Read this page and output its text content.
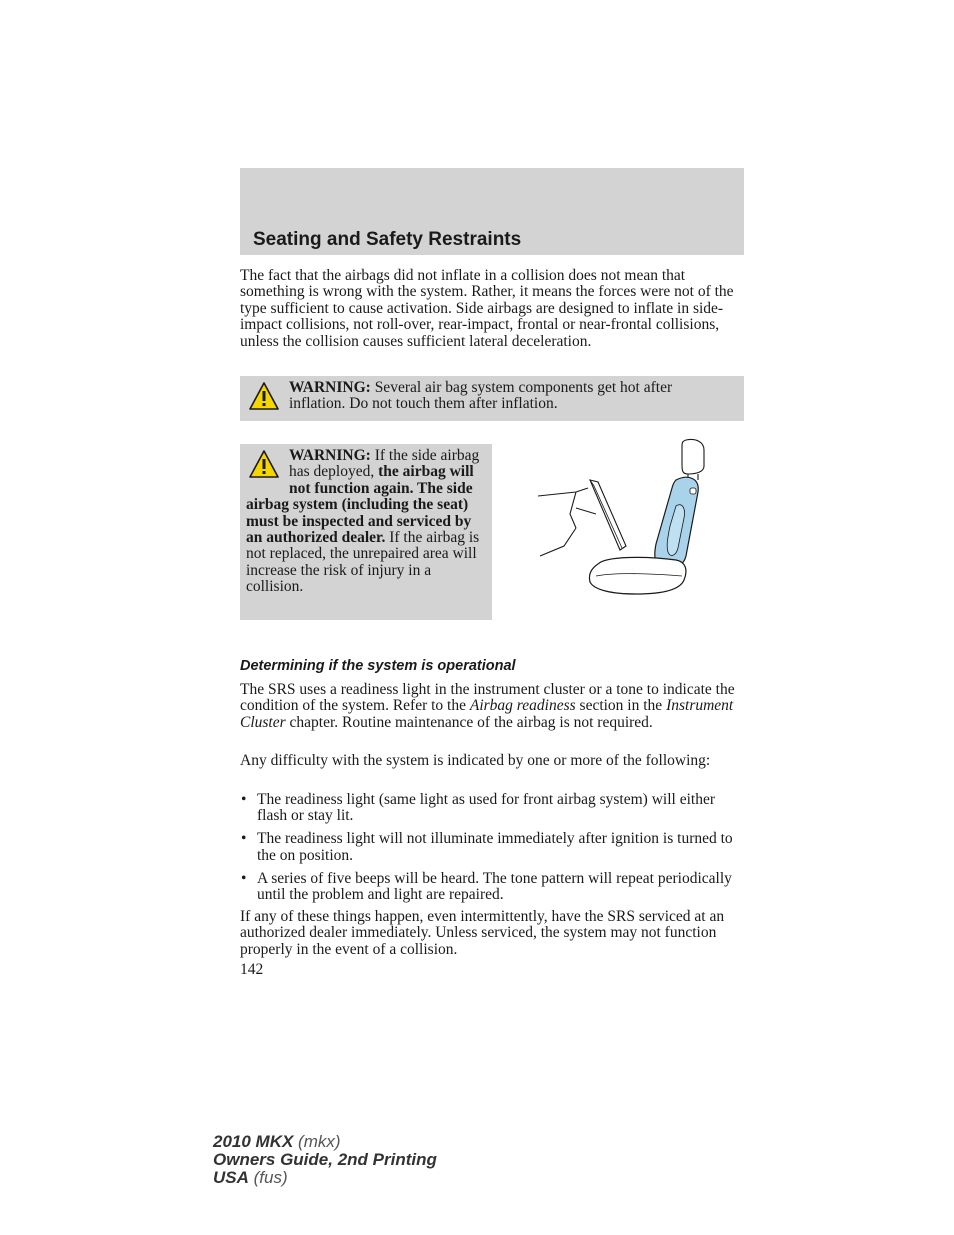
Seating and Safety Restraints

The fact that the airbags did not inflate in a collision does not mean that something is wrong with the system. Rather, it means the forces were not of the type sufficient to cause activation. Side airbags are designed to inflate in side-impact collisions, not roll-over, rear-impact, frontal or near-frontal collisions, unless the collision causes sufficient lateral deceleration.

WARNING: Several air bag system components get hot after inflation. Do not touch them after inflation.
WARNING: If the side airbag has deployed, the airbag will not function again. The side airbag system (including the seat) must be inspected and serviced by an authorized dealer. If the airbag is not replaced, the unrepaired area will increase the risk of injury in a collision.
Determining if the system is operational

The SRS uses a readiness light in the instrument cluster or a tone to indicate the condition of the system. Refer to the Airbag readiness section in the Instrument Cluster chapter. Routine maintenance of the airbag is not required.

Any difficulty with the system is indicated by one or more of the following:

• The readiness light (same light as used for front airbag system) will either flash or stay lit.
• The readiness light will not illuminate immediately after ignition is turned to the on position.
• A series of five beeps will be heard. The tone pattern will repeat periodically until the problem and light are repaired.

If any of these things happen, even intermittently, have the SRS serviced at an authorized dealer immediately. Unless serviced, the system may not function properly in the event of a collision.

142
2010 MKX (mkx)
Owners Guide, 2nd Printing
USA (fus)
